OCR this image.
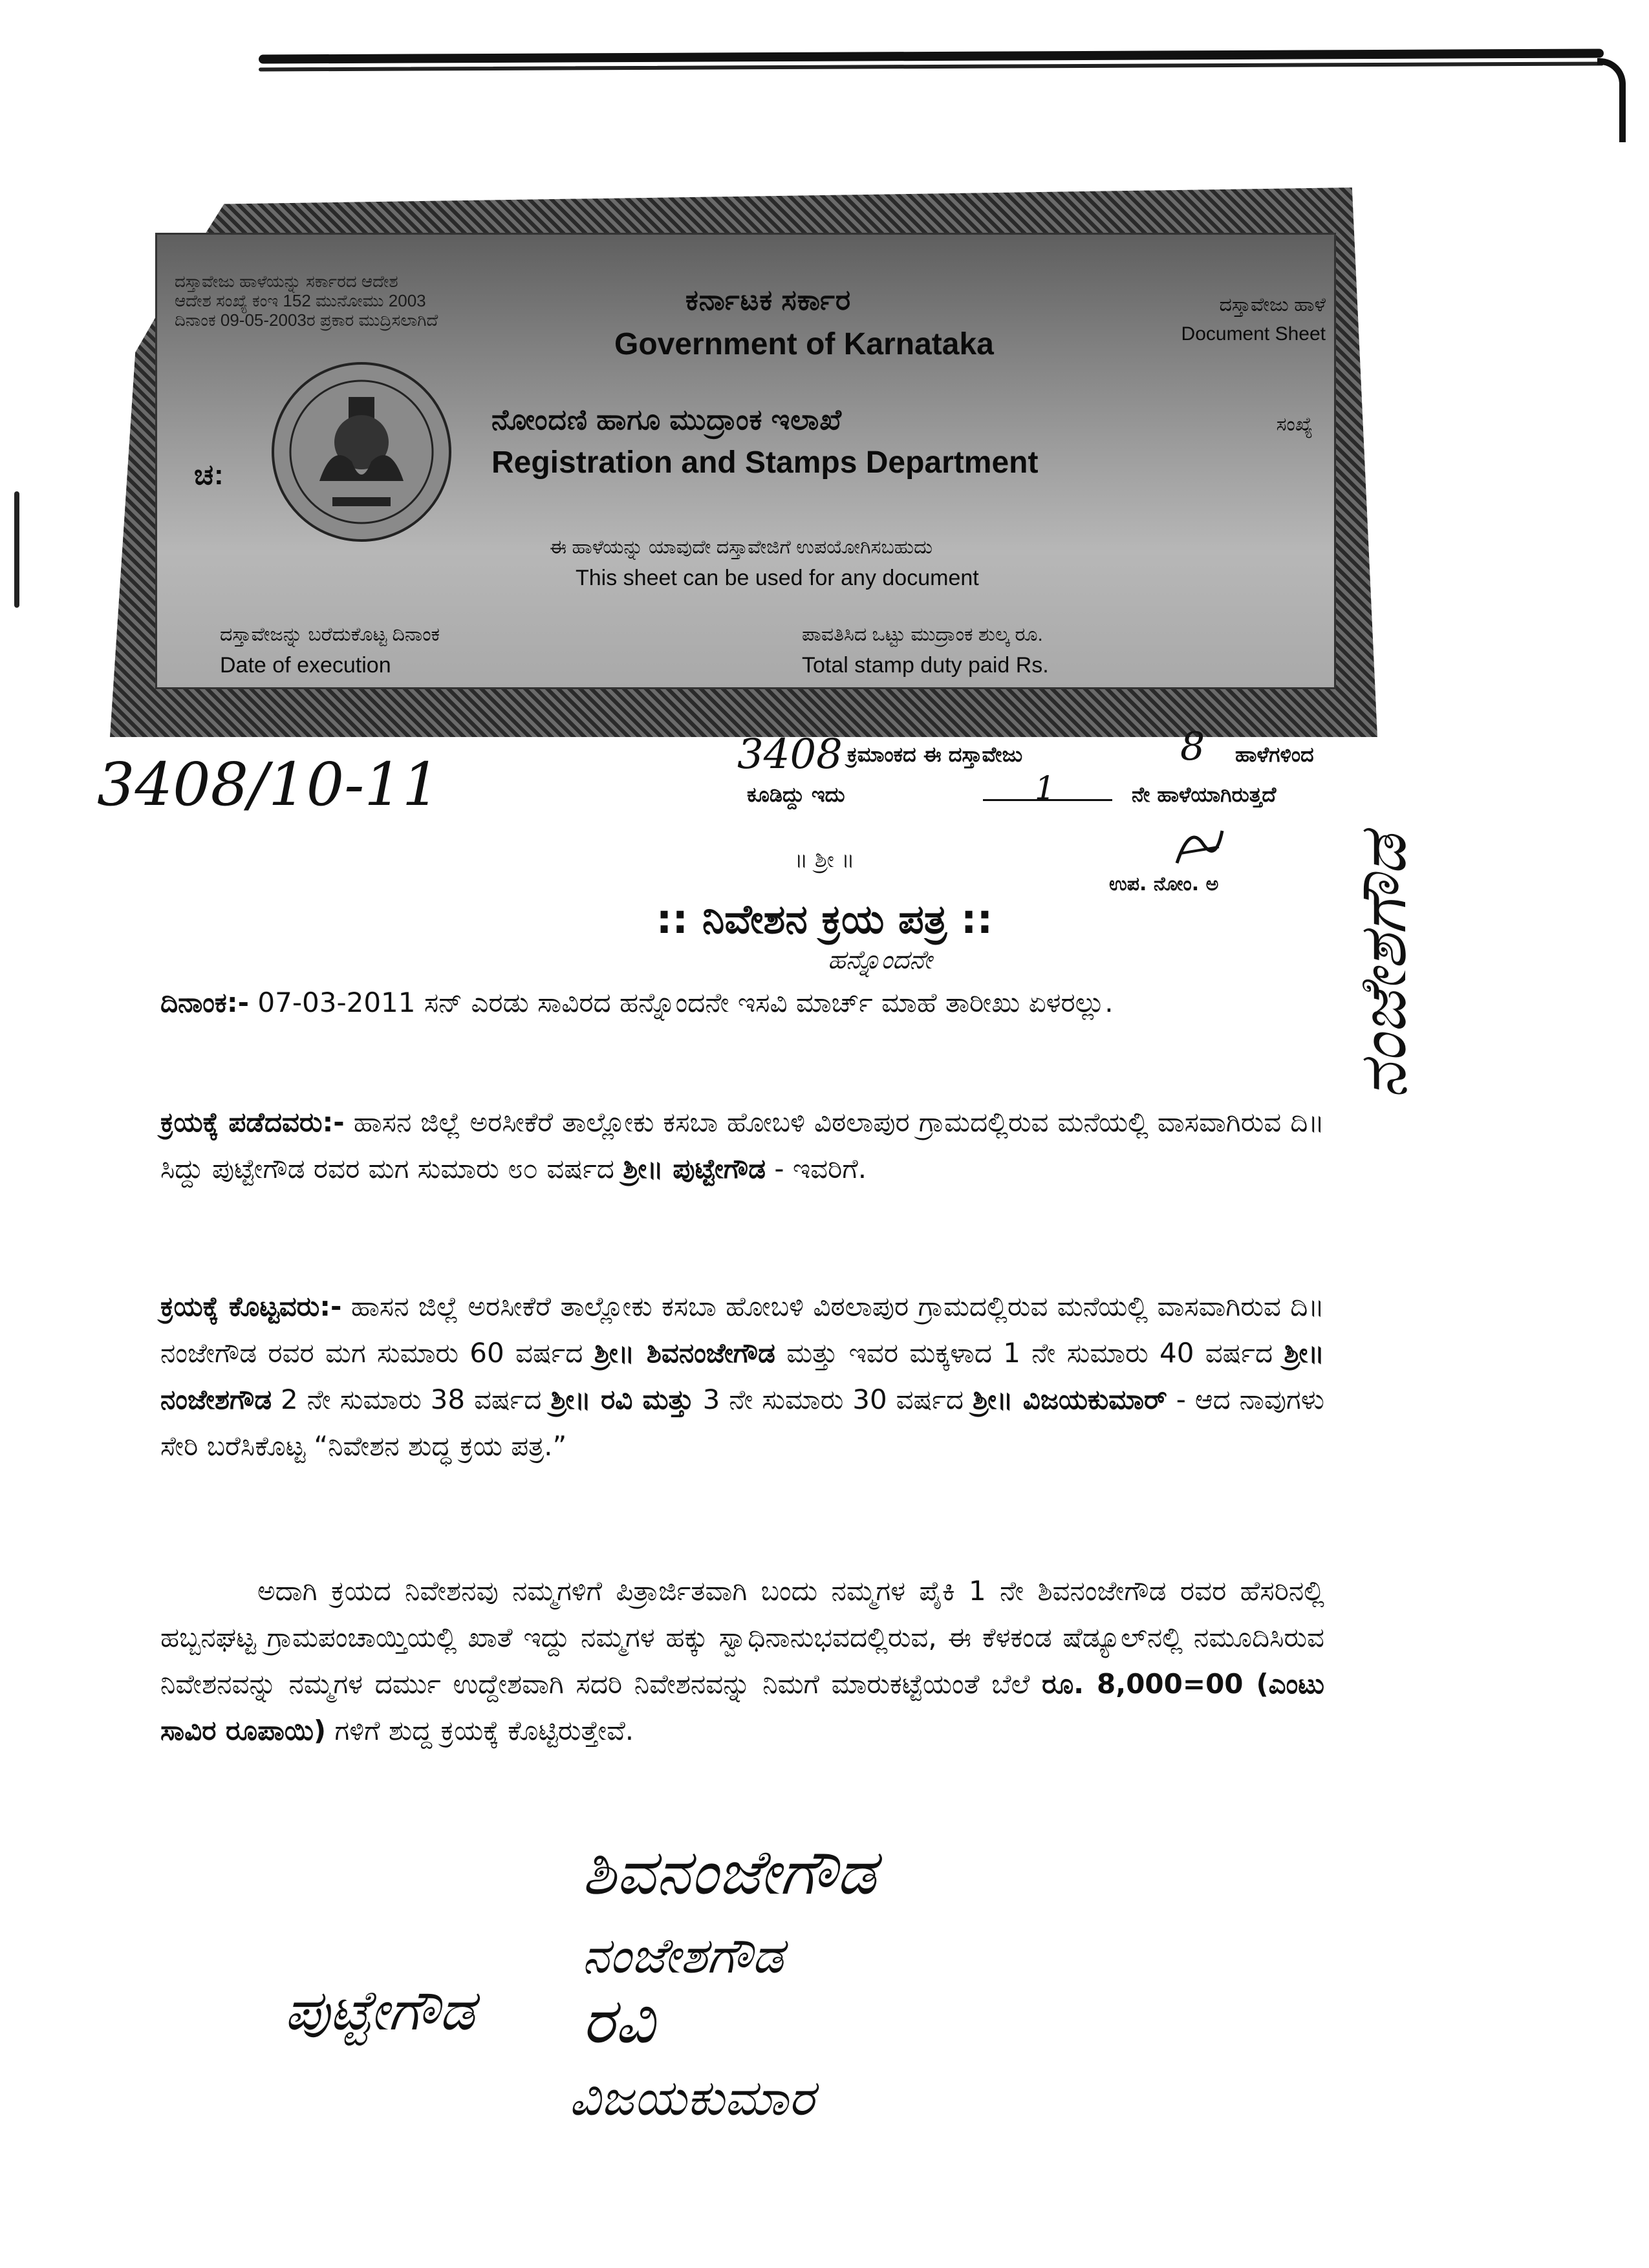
ದಸ್ತಾವೇಜು ಹಾಳೆಯನ್ನು ಸರ್ಕಾರದ ಆದೇಶ
ಆದೇಶ ಸಂಖ್ಯೆ ಕಂಇ 152 ಮುನೋಮು 2003
ದಿನಾಂಕ 09-05-2003ರ ಪ್ರಕಾರ ಮುದ್ರಿಸಲಾಗಿದೆ
ಕರ್ನಾಟಕ ಸರ್ಕಾರ
Government of Karnataka
ದಸ್ತಾವೇಜು ಹಾಳೆ
Document Sheet
ಸಂಖ್ಯೆ
ಚ:
ನೋಂದಣಿ ಹಾಗೂ ಮುದ್ರಾಂಕ ಇಲಾಖೆ
Registration and Stamps Department
ಈ ಹಾಳೆಯನ್ನು ಯಾವುದೇ ದಸ್ತಾವೇಜಿಗೆ ಉಪಯೋಗಿಸಬಹುದು
This sheet can be used for any document
ದಸ್ತಾವೇಜನ್ನು ಬರೆದುಕೊಟ್ಟ ದಿನಾಂಕ
Date of execution
ಪಾವತಿಸಿದ ಒಟ್ಟು ಮುದ್ರಾಂಕ ಶುಲ್ಕ ರೂ.
Total stamp duty paid Rs.
3408/10-11	3408 ಕ್ರಮಾಂಕದ ಈ ದಸ್ತಾವೇಜು	8 ಹಾಳೆಗಳಿಂದ
ಕೂಡಿದ್ದು ಇದು	1	ನೇ ಹಾಳೆಯಾಗಿರುತ್ತದೆ
ಉಪ. ನೋಂ. ಅ ನಂಜೇಶಗೌಡ
॥ ಶ್ರೀ ॥
:: ನಿವೇಶನ ಕ್ರಯ ಪತ್ರ ::
ಹನ್ನೊಂದನೇ
ದಿನಾಂಕ:- 07-03-2011 ಸನ್ ಎರಡು ಸಾವಿರದ ಹನ್ನೊಂದನೇ ಇಸವಿ ಮಾರ್ಚ್ ಮಾಹೆ ತಾರೀಖು ಏಳರಲ್ಲು.
ಕ್ರಯಕ್ಕೆ ಪಡೆದವರು:- ಹಾಸನ ಜಿಲ್ಲೆ ಅರಸೀಕೆರೆ ತಾಲ್ಲೋಕು ಕಸಬಾ ಹೋಬಳಿ ವಿಠಲಾಪುರ ಗ್ರಾಮದಲ್ಲಿರುವ ಮನೆಯಲ್ಲಿ ವಾಸವಾಗಿರುವ ದಿ॥ಸಿದ್ದು ಪುಟ್ಟೇಗೌಡ ರವರ ಮಗ ಸುಮಾರು ೮೦ ವರ್ಷದ ಶ್ರೀ॥ ಪುಟ್ಟೇಗೌಡ - ಇವರಿಗೆ.
ಕ್ರಯಕ್ಕೆ ಕೊಟ್ಟವರು:- ಹಾಸನ ಜಿಲ್ಲೆ ಅರಸೀಕೆರೆ ತಾಲ್ಲೋಕು ಕಸಬಾ ಹೋಬಳಿ ವಿಠಲಾಪುರ ಗ್ರಾಮದಲ್ಲಿರುವ ಮನೆಯಲ್ಲಿ ವಾಸವಾಗಿರುವ ದಿ॥ ನಂಜೇಗೌಡ ರವರ ಮಗ ಸುಮಾರು 60 ವರ್ಷದ ಶ್ರೀ॥ ಶಿವನಂಜೇಗೌಡ ಮತ್ತು ಇವರ ಮಕ್ಕಳಾದ 1 ನೇ ಸುಮಾರು 40 ವರ್ಷದ ಶ್ರೀ॥ ನಂಜೇಶಗೌಡ 2 ನೇ ಸುಮಾರು 38 ವರ್ಷದ ಶ್ರೀ॥ ರವಿ ಮತ್ತು 3 ನೇ ಸುಮಾರು 30 ವರ್ಷದ ಶ್ರೀ॥ ವಿಜಯಕುಮಾರ್ - ಆದ ನಾವುಗಳು ಸೇರಿ ಬರೆಸಿಕೊಟ್ಟ “ನಿವೇಶನ ಶುದ್ಧ ಕ್ರಯ ಪತ್ರ.”
ಅದಾಗಿ ಕ್ರಯದ ನಿವೇಶನವು ನಮ್ಮಗಳಿಗೆ ಪಿತ್ರಾರ್ಜಿತವಾಗಿ ಬಂದು ನಮ್ಮಗಳ ಪೈಕಿ 1 ನೇ ಶಿವನಂಜೇಗೌಡ ರವರ ಹೆಸರಿನಲ್ಲಿ ಹಬ್ಬನಘಟ್ಟ ಗ್ರಾಮಪಂಚಾಯ್ತಿಯಲ್ಲಿ ಖಾತೆ ಇದ್ದು ನಮ್ಮಗಳ ಹಕ್ಕು ಸ್ವಾಧಿನಾನುಭವದಲ್ಲಿರುವ, ಈ ಕೆಳಕಂಡ ಷೆಡ್ಯೂಲ್‌ನಲ್ಲಿ ನಮೂದಿಸಿರುವ ನಿವೇಶನವನ್ನು ನಮ್ಮಗಳ ದರ್ಮು ಉದ್ದೇಶವಾಗಿ ಸದರಿ ನಿವೇಶನವನ್ನು ನಿಮಗೆ ಮಾರುಕಟ್ಟೆಯಂತೆ ಬೆಲೆ ರೂ. 8,000=00 (ಎಂಟು ಸಾವಿರ ರೂಪಾಯಿ) ಗಳಿಗೆ ಶುದ್ದ ಕ್ರಯಕ್ಕೆ ಕೊಟ್ಟಿರುತ್ತೇವೆ.
ಶಿವನಂಜೇಗೌಡ
ನಂಜೇಶಗೌಡ
ಪುಟ್ಟೇಗೌಡ ರವಿ
ವಿಜಯಕುಮಾರ
